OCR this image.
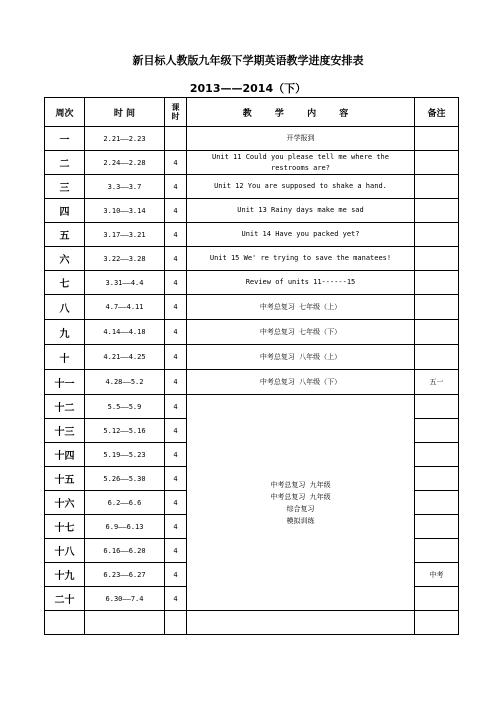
新目标人教版九年级下学期英语教学进度安排表
2013——2014（下）
周次	时 间	课时	教 学 内 容	备注
一	2.21——2.23		开学报到	
二	2.24——2.28	4	Unit 11 Could you please tell me where the restrooms are?	
三	3.3——3.7	4	Unit 12 You are supposed to shake a hand.	
四	3.10——3.14	4	Unit 13 Rainy days make me sad	
五	3.17——3.21	4	Unit 14 Have you packed yet?	
六	3.22——3.28	4	Unit 15 We' re trying to save the manatees!	
七	3.31——4.4	4	Review of units 11------15	
八	4.7——4.11	4	中考总复习 七年级（上）	
九	4.14——4.18	4	中考总复习 七年级（下）	
十	4.21——4.25	4	中考总复习 八年级（上）	
十一	4.28——5.2	4	中考总复习 八年级（下）	五一
十二	5.5——5.9	4	中考总复习 九年级
中考总复习 九年级
综合复习
模拟训练	

十三	5.12——5.16	4		
十四	5.19——5.23	4		
十五	5.26——5.30	4		
十六	6.2——6.6	4		
十七	6.9——6.13	4		
十八	6.16——6.20	4		
十九	6.23——6.27	4		中考
二十	6.30——7.4	4		
